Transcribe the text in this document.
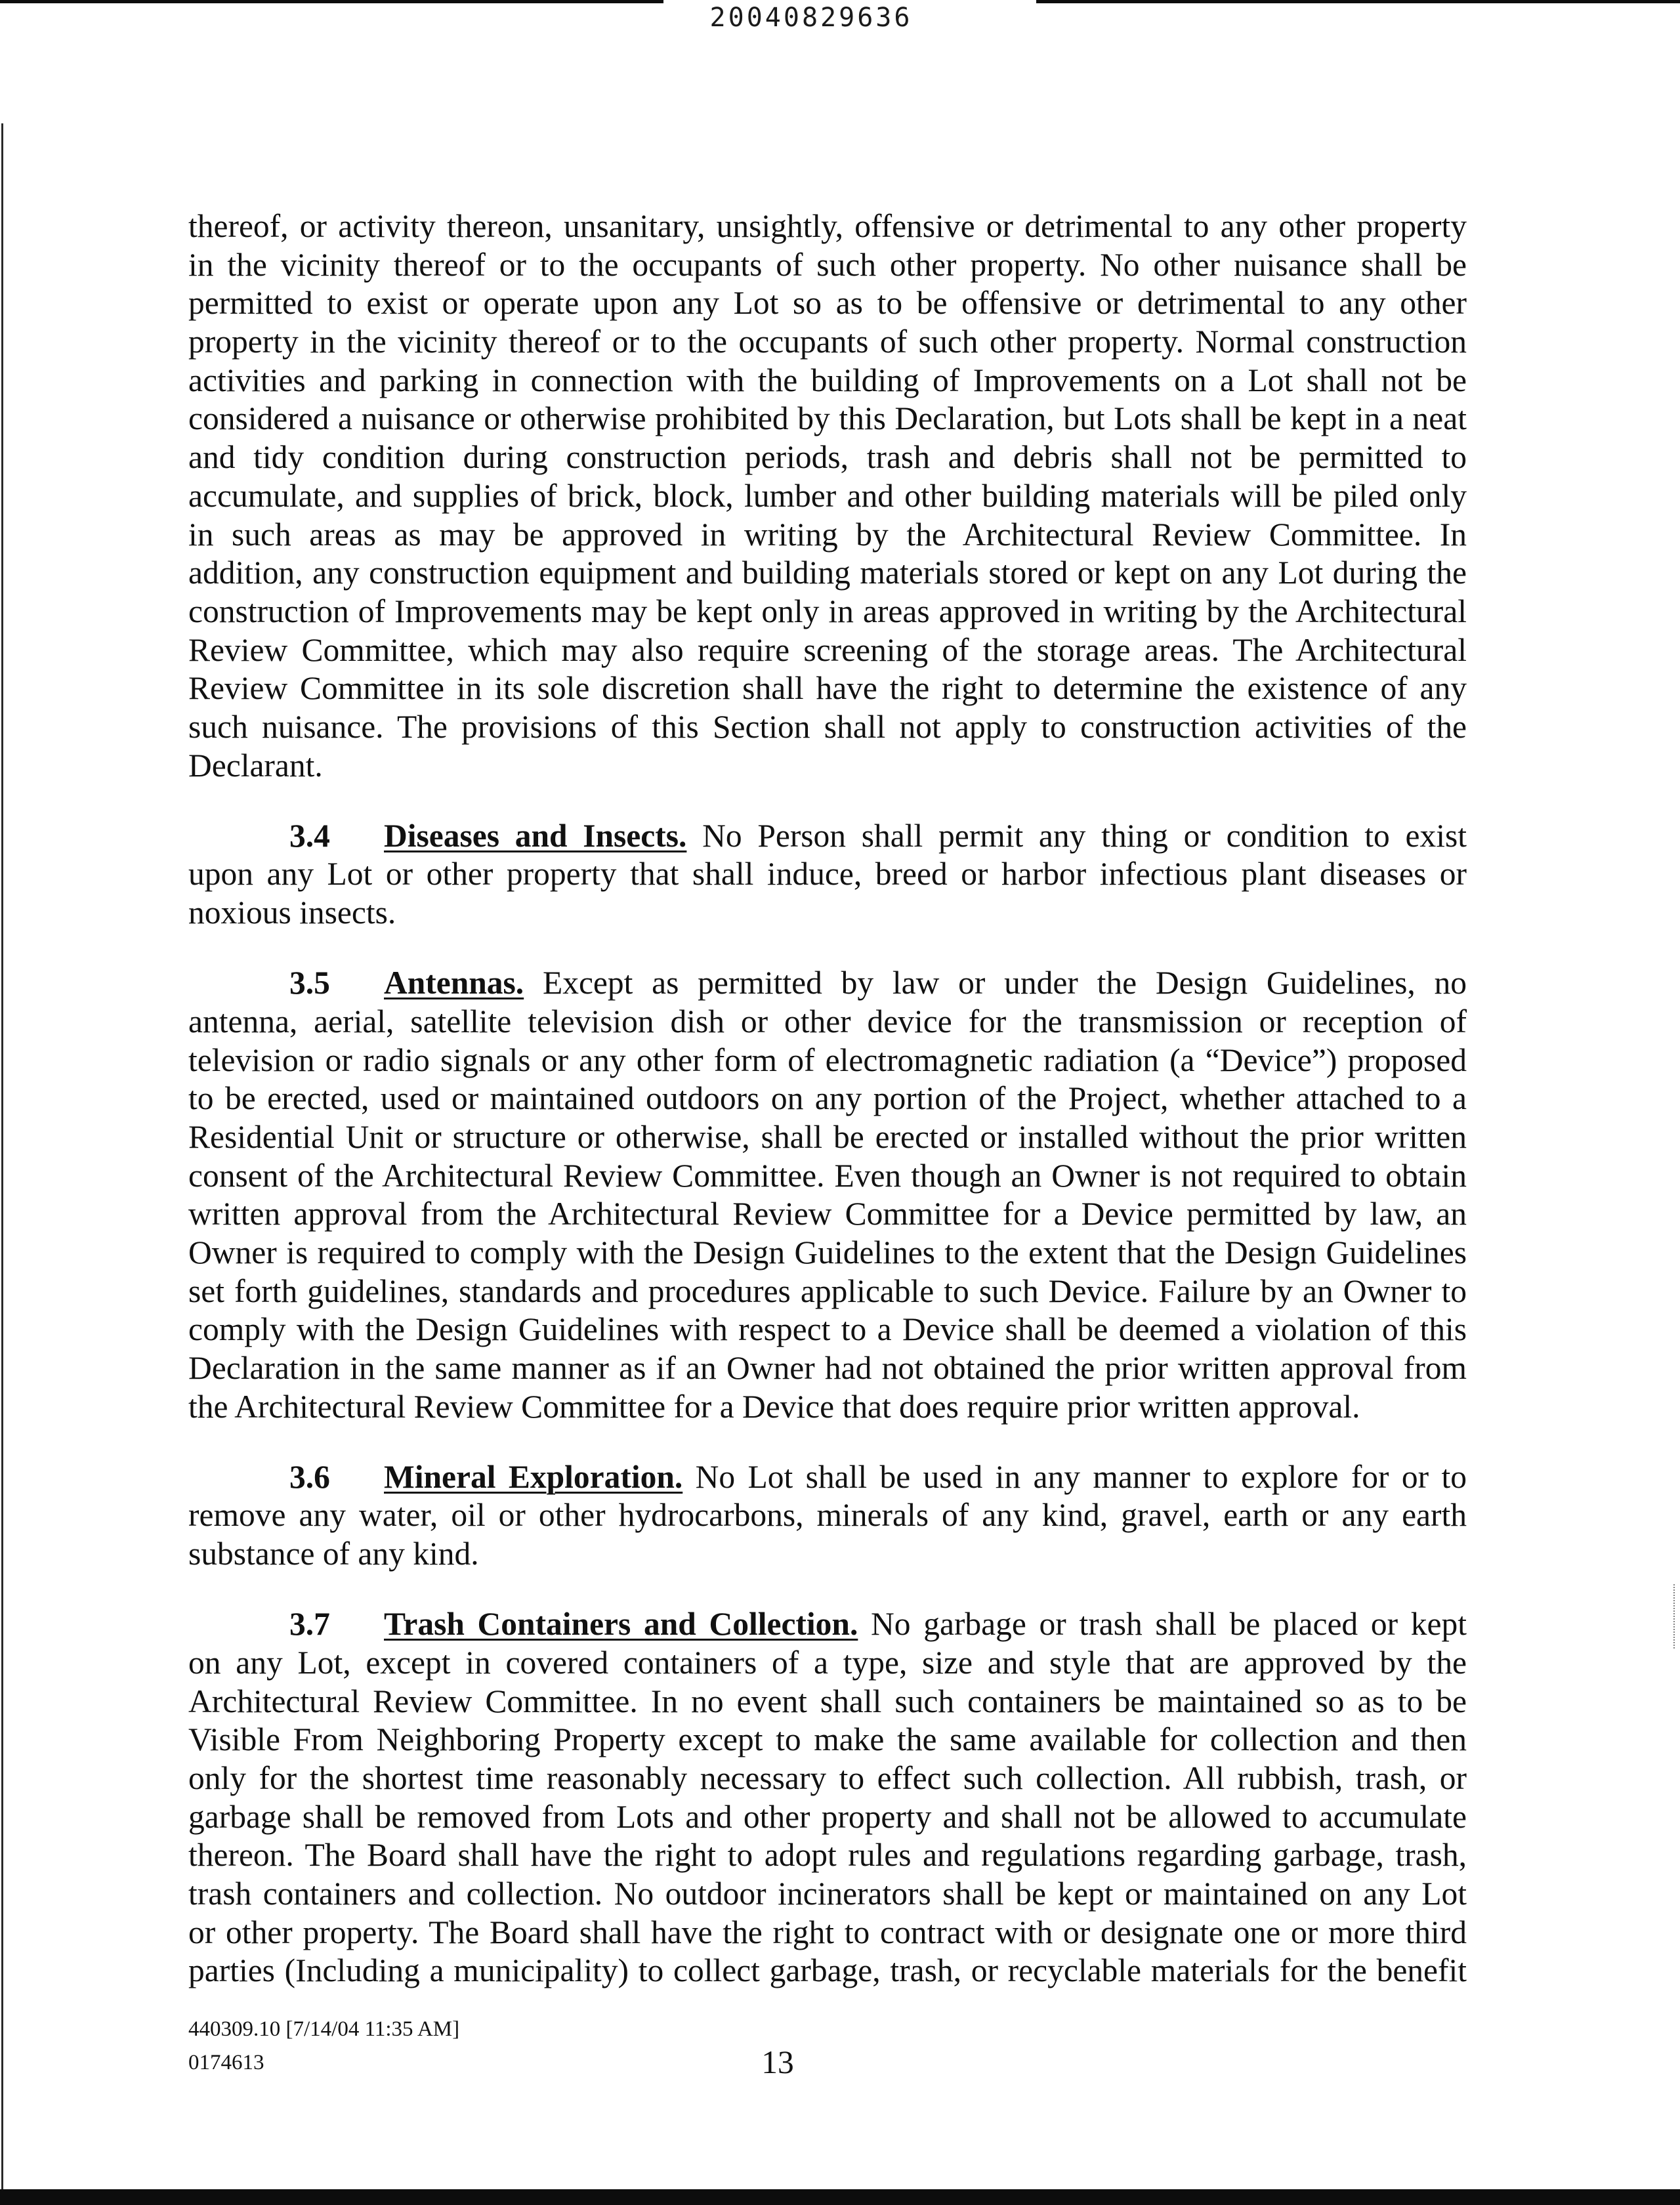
20040829636
thereof, or activity thereon, unsanitary, unsightly, offensive or detrimental to any other property
in the vicinity thereof or to the occupants of such other property. No other nuisance shall be
permitted to exist or operate upon any Lot so as to be offensive or detrimental to any other
property in the vicinity thereof or to the occupants of such other property. Normal construction
activities and parking in connection with the building of Improvements on a Lot shall not be
considered a nuisance or otherwise prohibited by this Declaration, but Lots shall be kept in a neat
and tidy condition during construction periods, trash and debris shall not be permitted to
accumulate, and supplies of brick, block, lumber and other building materials will be piled only
in such areas as may be approved in writing by the Architectural Review Committee. In
addition, any construction equipment and building materials stored or kept on any Lot during the
construction of Improvements may be kept only in areas approved in writing by the Architectural
Review Committee, which may also require screening of the storage areas. The Architectural
Review Committee in its sole discretion shall have the right to determine the existence of any
such nuisance. The provisions of this Section shall not apply to construction activities of the
Declarant.
3.4	Diseases and Insects. No Person shall permit any thing or condition to exist
upon any Lot or other property that shall induce, breed or harbor infectious plant diseases or
noxious insects.
3.5	Antennas. Except as permitted by law or under the Design Guidelines, no
antenna, aerial, satellite television dish or other device for the transmission or reception of
television or radio signals or any other form of electromagnetic radiation (a “Device”) proposed
to be erected, used or maintained outdoors on any portion of the Project, whether attached to a
Residential Unit or structure or otherwise, shall be erected or installed without the prior written
consent of the Architectural Review Committee. Even though an Owner is not required to obtain
written approval from the Architectural Review Committee for a Device permitted by law, an
Owner is required to comply with the Design Guidelines to the extent that the Design Guidelines
set forth guidelines, standards and procedures applicable to such Device. Failure by an Owner to
comply with the Design Guidelines with respect to a Device shall be deemed a violation of this
Declaration in the same manner as if an Owner had not obtained the prior written approval from
the Architectural Review Committee for a Device that does require prior written approval.
3.6	Mineral Exploration. No Lot shall be used in any manner to explore for or to
remove any water, oil or other hydrocarbons, minerals of any kind, gravel, earth or any earth
substance of any kind.
3.7	Trash Containers and Collection. No garbage or trash shall be placed or kept
on any Lot, except in covered containers of a type, size and style that are approved by the
Architectural Review Committee. In no event shall such containers be maintained so as to be
Visible From Neighboring Property except to make the same available for collection and then
only for the shortest time reasonably necessary to effect such collection. All rubbish, trash, or
garbage shall be removed from Lots and other property and shall not be allowed to accumulate
thereon. The Board shall have the right to adopt rules and regulations regarding garbage, trash,
trash containers and collection. No outdoor incinerators shall be kept or maintained on any Lot
or other property. The Board shall have the right to contract with or designate one or more third
parties (Including a municipality) to collect garbage, trash, or recyclable materials for the benefit
440309.10 [7/14/04 11:35 AM]
0174613	13
